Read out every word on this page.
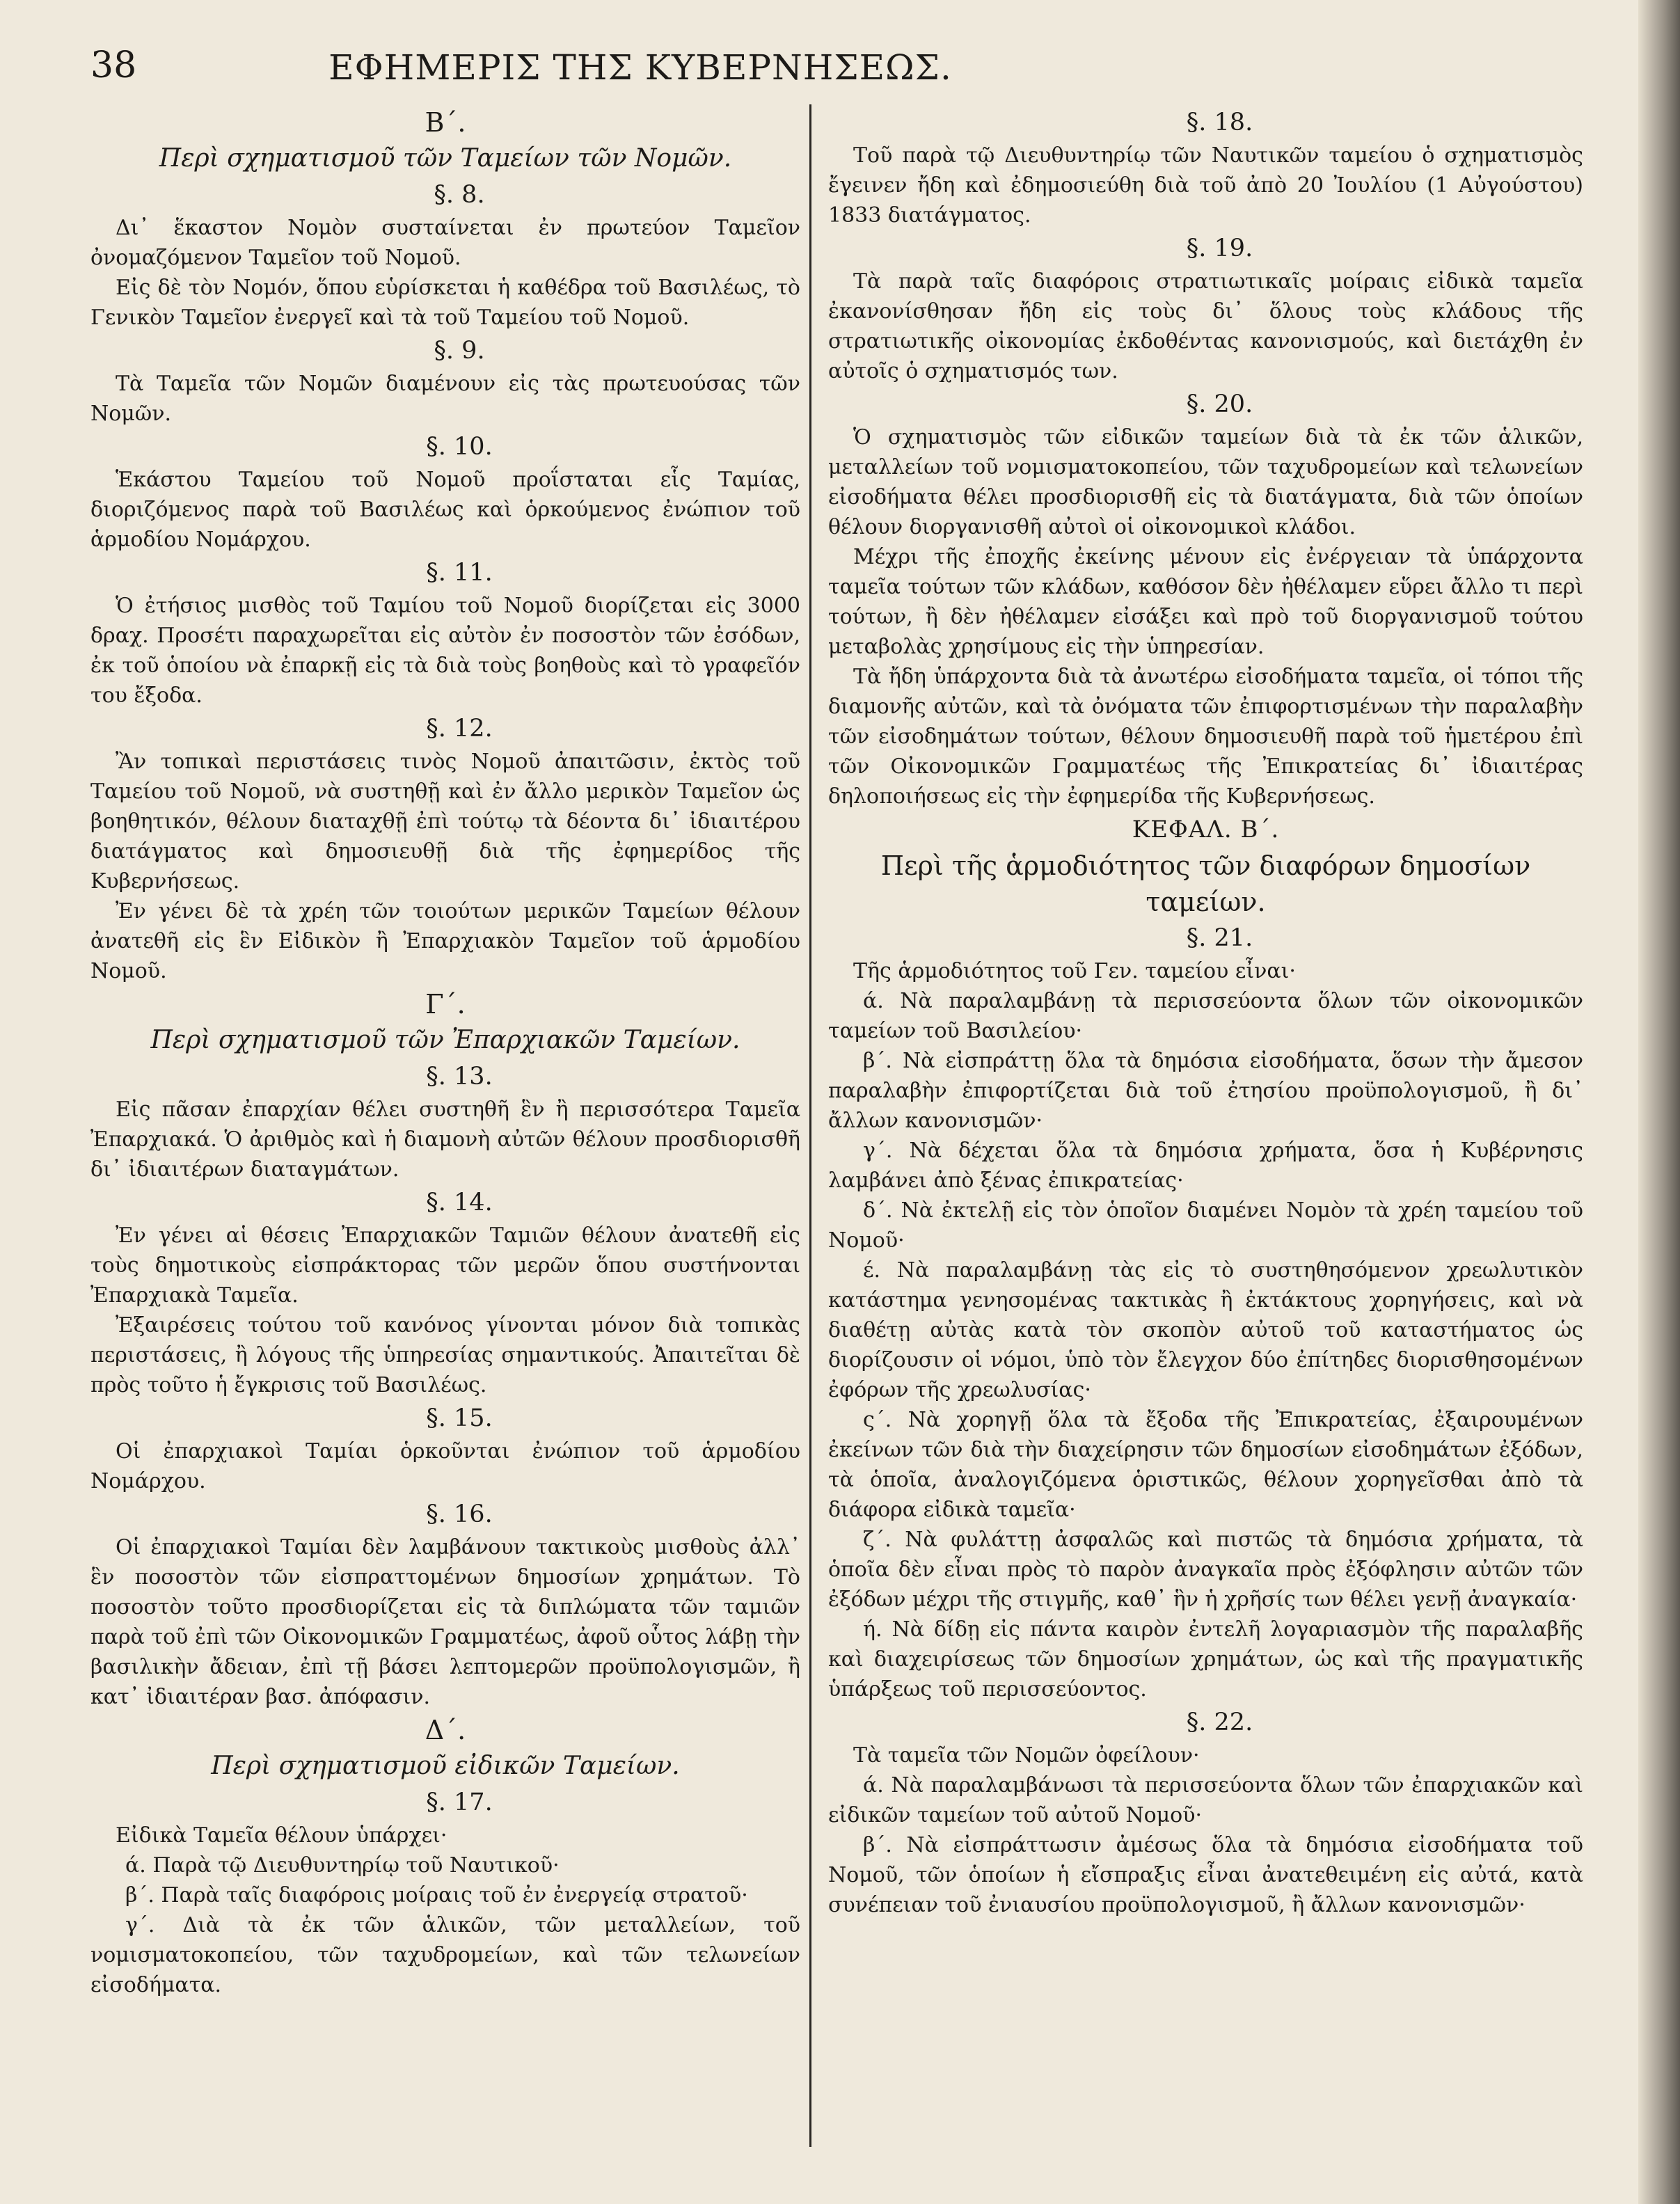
38	ΕΦΗΜΕΡΙΣ ΤΗΣ ΚΥΒΕΡΝΗΣΕΩΣ.
Β΄.
Περὶ σχηματισμοῦ τῶν Ταμείων τῶν Νομῶν.
§. 8.
Δι᾽ ἕκαστον Νομὸν συσταίνεται ἐν πρωτεύον Ταμεῖον ὀνομαζόμενον Ταμεῖον τοῦ Νομοῦ.
Εἰς δὲ τὸν Νομόν, ὅπου εὑρίσκεται ἡ καθέδρα τοῦ Βασιλέως, τὸ Γενικὸν Ταμεῖον ἐνεργεῖ καὶ τὰ τοῦ Ταμείου τοῦ Νομοῦ.
§. 9.
Τὰ Ταμεῖα τῶν Νομῶν διαμένουν εἰς τὰς πρωτευούσας τῶν Νομῶν.
§. 10.
Ἑκάστου Ταμείου τοῦ Νομοῦ προΐσταται εἷς Ταμίας, διοριζόμενος παρὰ τοῦ Βασιλέως καὶ ὁρκούμενος ἐνώπιον τοῦ ἁρμοδίου Νομάρχου.
§. 11.
Ὁ ἐτήσιος μισθὸς τοῦ Ταμίου τοῦ Νομοῦ διορίζεται εἰς 3000 δραχ. Προσέτι παραχωρεῖται εἰς αὐτὸν ἐν ποσοστὸν τῶν ἐσόδων, ἐκ τοῦ ὁποίου νὰ ἐπαρκῇ εἰς τὰ διὰ τοὺς βοηθοὺς καὶ τὸ γραφεῖόν του ἔξοδα.
§. 12.
Ἂν τοπικαὶ περιστάσεις τινὸς Νομοῦ ἀπαιτῶσιν, ἐκτὸς τοῦ Ταμείου τοῦ Νομοῦ, νὰ συστηθῇ καὶ ἐν ἄλλο μερικὸν Ταμεῖον ὡς βοηθητικόν, θέλουν διαταχθῇ ἐπὶ τούτῳ τὰ δέοντα δι᾽ ἰδιαιτέρου διατάγματος καὶ δημοσιευθῇ διὰ τῆς ἐφημερίδος τῆς Κυβερνήσεως.
Ἐν γένει δὲ τὰ χρέη τῶν τοιούτων μερικῶν Ταμείων θέλουν ἀνατεθῆ εἰς ἓν Εἰδικὸν ἢ Ἐπαρχιακὸν Ταμεῖον τοῦ ἁρμοδίου Νομοῦ.
Γ΄.
Περὶ σχηματισμοῦ τῶν Ἐπαρχιακῶν Ταμείων.
§. 13.
Εἰς πᾶσαν ἐπαρχίαν θέλει συστηθῆ ἓν ἢ περισσότερα Ταμεῖα Ἐπαρχιακά. Ὁ ἀριθμὸς καὶ ἡ διαμονὴ αὐτῶν θέλουν προσδιορισθῆ δι᾽ ἰδιαιτέρων διαταγμάτων.
§. 14.
Ἐν γένει αἱ θέσεις Ἐπαρχιακῶν Ταμιῶν θέλουν ἀνατεθῆ εἰς τοὺς δημοτικοὺς εἰσπράκτορας τῶν μερῶν ὅπου συστήνονται Ἐπαρχιακὰ Ταμεῖα.
Ἐξαιρέσεις τούτου τοῦ κανόνος γίνονται μόνον διὰ τοπικὰς περιστάσεις, ἢ λόγους τῆς ὑπηρεσίας σημαντικούς. Ἀπαιτεῖται δὲ πρὸς τοῦτο ἡ ἔγκρισις τοῦ Βασιλέως.
§. 15.
Οἱ ἐπαρχιακοὶ Ταμίαι ὁρκοῦνται ἐνώπιον τοῦ ἁρμοδίου Νομάρχου.
§. 16.
Οἱ ἐπαρχιακοὶ Ταμίαι δὲν λαμβάνουν τακτικοὺς μισθοὺς ἀλλ᾽ ἓν ποσοστὸν τῶν εἰσπραττομένων δημοσίων χρημάτων. Τὸ ποσοστὸν τοῦτο προσδιορίζεται εἰς τὰ διπλώματα τῶν ταμιῶν παρὰ τοῦ ἐπὶ τῶν Οἰκονομικῶν Γραμματέως, ἀφοῦ οὗτος λάβῃ τὴν βασιλικὴν ἄδειαν, ἐπὶ τῇ βάσει λεπτομερῶν προϋπολογισμῶν, ἢ κατ᾽ ἰδιαιτέραν βασ. ἀπόφασιν.
Δ΄.
Περὶ σχηματισμοῦ εἰδικῶν Ταμείων.
§. 17.
Εἰδικὰ Ταμεῖα θέλουν ὑπάρχει·
ά. Παρὰ τῷ Διευθυντηρίῳ τοῦ Ναυτικοῦ·
β΄. Παρὰ ταῖς διαφόροις μοίραις τοῦ ἐν ἐνεργείᾳ στρατοῦ·
γ΄. Διὰ τὰ ἐκ τῶν ἁλικῶν, τῶν μεταλλείων, τοῦ νομισματοκοπείου, τῶν ταχυδρομείων, καὶ τῶν τελωνείων εἰσοδήματα.
§. 18.
Τοῦ παρὰ τῷ Διευθυντηρίῳ τῶν Ναυτικῶν ταμείου ὁ σχηματισμὸς ἔγεινεν ἤδη καὶ ἐδημοσιεύθη διὰ τοῦ ἀπὸ 20 Ἰουλίου (1 Αὐγούστου) 1833 διατάγματος.
§. 19.
Τὰ παρὰ ταῖς διαφόροις στρατιωτικαῖς μοίραις εἰδικὰ ταμεῖα ἐκανονίσθησαν ἤδη εἰς τοὺς δι᾽ ὅλους τοὺς κλάδους τῆς στρατιωτικῆς οἰκονομίας ἐκδοθέντας κανονισμούς, καὶ διετάχθη ἐν αὐτοῖς ὁ σχηματισμός των.
§. 20.
Ὁ σχηματισμὸς τῶν εἰδικῶν ταμείων διὰ τὰ ἐκ τῶν ἁλικῶν, μεταλλείων τοῦ νομισματοκοπείου, τῶν ταχυδρομείων καὶ τελωνείων εἰσοδήματα θέλει προσδιορισθῆ εἰς τὰ διατάγματα, διὰ τῶν ὁποίων θέλουν διοργανισθῆ αὐτοὶ οἱ οἰκονομικοὶ κλάδοι.
Μέχρι τῆς ἐποχῆς ἐκείνης μένουν εἰς ἐνέργειαν τὰ ὑπάρχοντα ταμεῖα τούτων τῶν κλάδων, καθόσον δὲν ἠθέλαμεν εὕρει ἄλλο τι περὶ τούτων, ἢ δὲν ἠθέλαμεν εἰσάξει καὶ πρὸ τοῦ διοργανισμοῦ τούτου μεταβολὰς χρησίμους εἰς τὴν ὑπηρεσίαν.
Τὰ ἤδη ὑπάρχοντα διὰ τὰ ἀνωτέρω εἰσοδήματα ταμεῖα, οἱ τόποι τῆς διαμονῆς αὐτῶν, καὶ τὰ ὀνόματα τῶν ἐπιφορτισμένων τὴν παραλαβὴν τῶν εἰσοδημάτων τούτων, θέλουν δημοσιευθῆ παρὰ τοῦ ἡμετέρου ἐπὶ τῶν Οἰκονομικῶν Γραμματέως τῆς Ἐπικρατείας δι᾽ ἰδιαιτέρας δηλοποιήσεως εἰς τὴν ἐφημερίδα τῆς Κυβερνήσεως.
ΚΕΦΑΛ. Β΄.
Περὶ τῆς ἁρμοδιότητος τῶν διαφόρων δημοσίων ταμείων.
§. 21.
Τῆς ἁρμοδιότητος τοῦ Γεν. ταμείου εἶναι·
ά. Νὰ παραλαμβάνῃ τὰ περισσεύοντα ὅλων τῶν οἰκονομικῶν ταμείων τοῦ Βασιλείου·
β΄. Νὰ εἰσπράττῃ ὅλα τὰ δημόσια εἰσοδήματα, ὅσων τὴν ἄμεσον παραλαβὴν ἐπιφορτίζεται διὰ τοῦ ἐτησίου προϋπολογισμοῦ, ἢ δι᾽ ἄλλων κανονισμῶν·
γ΄. Νὰ δέχεται ὅλα τὰ δημόσια χρήματα, ὅσα ἡ Κυβέρνησις λαμβάνει ἀπὸ ξένας ἐπικρατείας·
δ΄. Νὰ ἐκτελῇ εἰς τὸν ὁποῖον διαμένει Νομὸν τὰ χρέη ταμείου τοῦ Νομοῦ·
έ. Νὰ παραλαμβάνῃ τὰς εἰς τὸ συστηθησόμενον χρεωλυτικὸν κατάστημα γενησομένας τακτικὰς ἢ ἐκτάκτους χορηγήσεις, καὶ νὰ διαθέτῃ αὐτὰς κατὰ τὸν σκοπὸν αὐτοῦ τοῦ καταστήματος ὡς διορίζουσιν οἱ νόμοι, ὑπὸ τὸν ἔλεγχον δύο ἐπίτηδες διορισθησομένων ἐφόρων τῆς χρεωλυσίας·
ς΄. Νὰ χορηγῇ ὅλα τὰ ἔξοδα τῆς Ἐπικρατείας, ἐξαιρουμένων ἐκείνων τῶν διὰ τὴν διαχείρησιν τῶν δημοσίων εἰσοδημάτων ἐξόδων, τὰ ὁποῖα, ἀναλογιζόμενα ὁριστικῶς, θέλουν χορηγεῖσθαι ἀπὸ τὰ διάφορα εἰδικὰ ταμεῖα·
ζ΄. Νὰ φυλάττῃ ἀσφαλῶς καὶ πιστῶς τὰ δημόσια χρήματα, τὰ ὁποῖα δὲν εἶναι πρὸς τὸ παρὸν ἀναγκαῖα πρὸς ἐξόφλησιν αὐτῶν τῶν ἐξόδων μέχρι τῆς στιγμῆς, καθ᾽ ἣν ἡ χρῆσίς των θέλει γενῇ ἀναγκαία·
ή. Νὰ δίδῃ εἰς πάντα καιρὸν ἐντελῆ λογαριασμὸν τῆς παραλαβῆς καὶ διαχειρίσεως τῶν δημοσίων χρημάτων, ὡς καὶ τῆς πραγματικῆς ὑπάρξεως τοῦ περισσεύοντος.
§. 22.
Τὰ ταμεῖα τῶν Νομῶν ὀφείλουν·
ά. Νὰ παραλαμβάνωσι τὰ περισσεύοντα ὅλων τῶν ἐπαρχιακῶν καὶ εἰδικῶν ταμείων τοῦ αὐτοῦ Νομοῦ·
β΄. Νὰ εἰσπράττωσιν ἀμέσως ὅλα τὰ δημόσια εἰσοδήματα τοῦ Νομοῦ, τῶν ὁποίων ἡ εἴσπραξις εἶναι ἀνατεθειμένη εἰς αὐτά, κατὰ συνέπειαν τοῦ ἐνιαυσίου προϋπολογισμοῦ, ἢ ἄλλων κανονισμῶν·
